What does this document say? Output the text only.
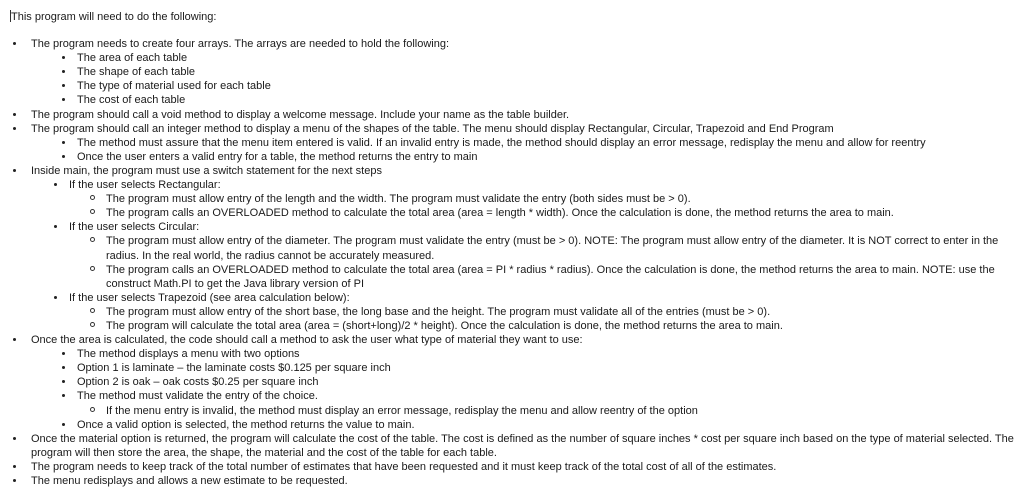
This program will need to do the following:
The program needs to create four arrays. The arrays are needed to hold the following:
The area of each table
The shape of each table
The type of material used for each table
The cost of each table
The program should call a void method to display a welcome message. Include your name as the table builder.
The program should call an integer method to display a menu of the shapes of the table. The menu should display Rectangular, Circular, Trapezoid and End Program
The method must assure that the menu item entered is valid. If an invalid entry is made, the method should display an error message, redisplay the menu and allow for reentry
Once the user enters a valid entry for a table, the method returns the entry to main
Inside main, the program must use a switch statement for the next steps
If the user selects Rectangular:
The program must allow entry of the length and the width. The program must validate the entry (both sides must be > 0).
The program calls an OVERLOADED method to calculate the total area (area = length * width). Once the calculation is done, the method returns the area to main.
If the user selects Circular:
The program must allow entry of the diameter. The program must validate the entry (must be > 0). NOTE: The program must allow entry of the diameter. It is NOT correct to enter in the radius. In the real world, the radius cannot be accurately measured.
The program calls an OVERLOADED method to calculate the total area (area = PI * radius * radius). Once the calculation is done, the method returns the area to main. NOTE: use the construct Math.PI to get the Java library version of PI
If the user selects Trapezoid (see area calculation below):
The program must allow entry of the short base, the long base and the height. The program must validate all of the entries (must be > 0).
The program will calculate the total area (area = (short+long)/2 * height). Once the calculation is done, the method returns the area to main.
Once the area is calculated, the code should call a method to ask the user what type of material they want to use:
The method displays a menu with two options
Option 1 is laminate – the laminate costs $0.125 per square inch
Option 2 is oak – oak costs $0.25 per square inch
The method must validate the entry of the choice.
If the menu entry is invalid, the method must display an error message, redisplay the menu and allow reentry of the option
Once a valid option is selected, the method returns the value to main.
Once the material option is returned, the program will calculate the cost of the table. The cost is defined as the number of square inches * cost per square inch based on the type of material selected. The program will then store the area, the shape, the material and the cost of the table for each table.
The program needs to keep track of the total number of estimates that have been requested and it must keep track of the total cost of all of the estimates.
The menu redisplays and allows a new estimate to be requested.
